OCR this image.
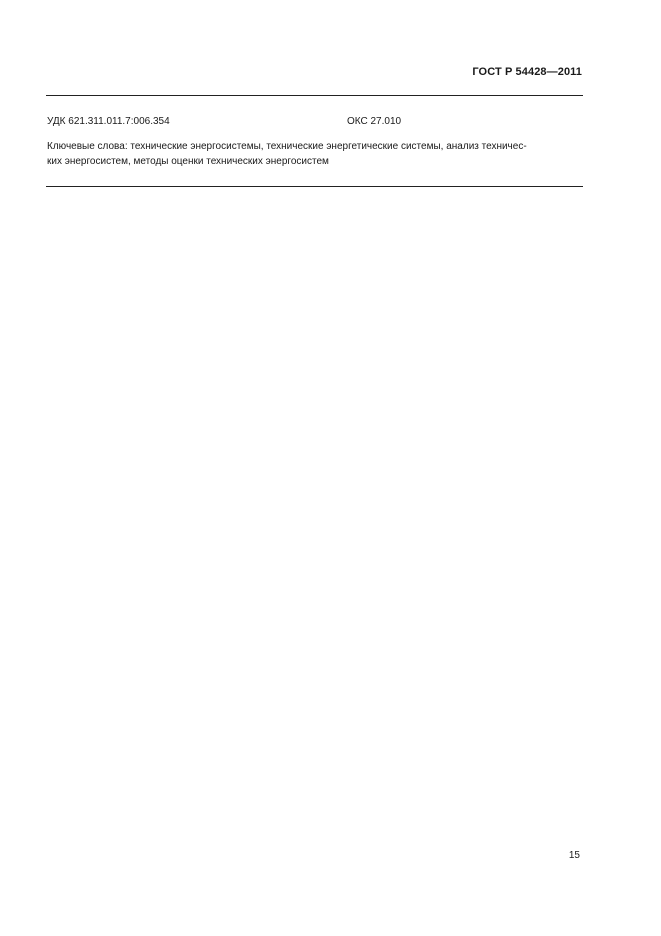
ГОСТ Р 54428—2011
УДК 621.311.011.7:006.354	ОКС 27.010
Ключевые слова: технические энергосистемы, технические энергетические системы, анализ техничес-
ких энергосистем, методы оценки технических энергосистем
15
